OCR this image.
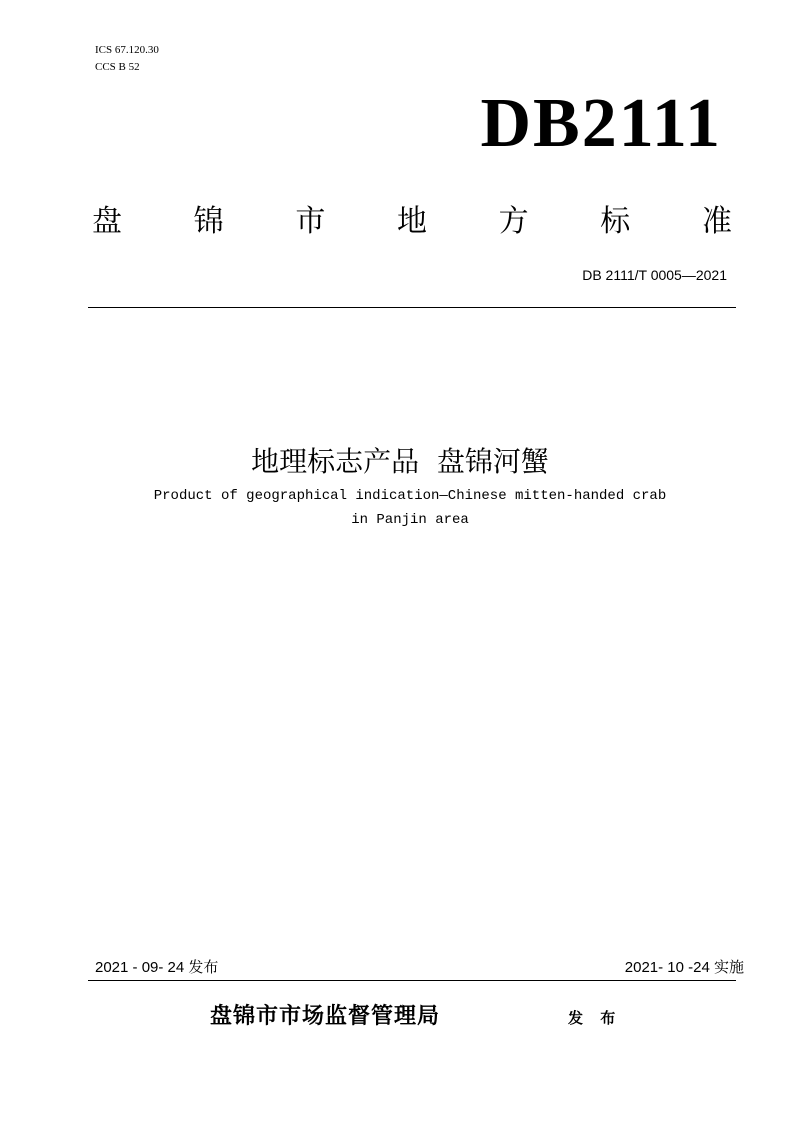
ICS 67.120.30
CCS B 52
DB2111
盘 锦 市 地 方 标 准
DB 2111/T 0005—2021
地理标志产品  盘锦河蟹
Product of geographical indication—Chinese mitten-handed crab
in Panjin area
2021 - 09- 24 发布	2021- 10 -24 实施
盘锦市市场监督管理局	发 布
